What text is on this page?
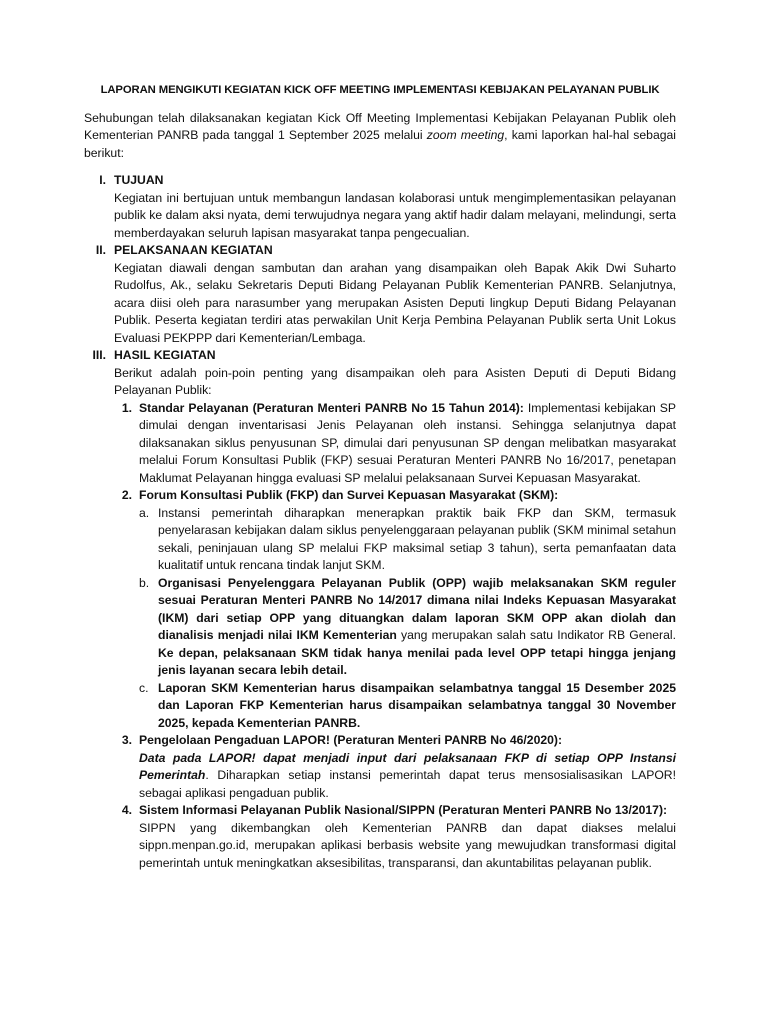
LAPORAN MENGIKUTI KEGIATAN KICK OFF MEETING IMPLEMENTASI KEBIJAKAN PELAYANAN PUBLIK

Sehubungan telah dilaksanakan kegiatan Kick Off Meeting Implementasi Kebijakan Pelayanan Publik oleh Kementerian PANRB pada tanggal 1 September 2025 melalui zoom meeting, kami laporkan hal-hal sebagai berikut:

I. TUJUAN

Kegiatan ini bertujuan untuk membangun landasan kolaborasi untuk mengimplementasikan pelayanan publik ke dalam aksi nyata, demi terwujudnya negara yang aktif hadir dalam melayani, melindungi, serta memberdayakan seluruh lapisan masyarakat tanpa pengecualian.

II. PELAKSANAAN KEGIATAN

Kegiatan diawali dengan sambutan dan arahan yang disampaikan oleh Bapak Akik Dwi Suharto Rudolfus, Ak., selaku Sekretaris Deputi Bidang Pelayanan Publik Kementerian PANRB. Selanjutnya, acara diisi oleh para narasumber yang merupakan Asisten Deputi lingkup Deputi Bidang Pelayanan Publik. Peserta kegiatan terdiri atas perwakilan Unit Kerja Pembina Pelayanan Publik serta Unit Lokus Evaluasi PEKPPP dari Kementerian/Lembaga.

III. HASIL KEGIATAN

Berikut adalah poin-poin penting yang disampaikan oleh para Asisten Deputi di Deputi Bidang Pelayanan Publik:

1. Standar Pelayanan (Peraturan Menteri PANRB No 15 Tahun 2014): Implementasi kebijakan SP dimulai dengan inventarisasi Jenis Pelayanan oleh instansi. Sehingga selanjutnya dapat dilaksanakan siklus penyusunan SP, dimulai dari penyusunan SP dengan melibatkan masyarakat melalui Forum Konsultasi Publik (FKP) sesuai Peraturan Menteri PANRB No 16/2017, penetapan Maklumat Pelayanan hingga evaluasi SP melalui pelaksanaan Survei Kepuasan Masyarakat.

2. Forum Konsultasi Publik (FKP) dan Survei Kepuasan Masyarakat (SKM):

a. Instansi pemerintah diharapkan menerapkan praktik baik FKP dan SKM, termasuk penyelarasan kebijakan dalam siklus penyelenggaraan pelayanan publik (SKM minimal setahun sekali, peninjauan ulang SP melalui FKP maksimal setiap 3 tahun), serta pemanfaatan data kualitatif untuk rencana tindak lanjut SKM.

b. Organisasi Penyelenggara Pelayanan Publik (OPP) wajib melaksanakan SKM reguler sesuai Peraturan Menteri PANRB No 14/2017 dimana nilai Indeks Kepuasan Masyarakat (IKM) dari setiap OPP yang dituangkan dalam laporan SKM OPP akan diolah dan dianalisis menjadi nilai IKM Kementerian yang merupakan salah satu Indikator RB General. Ke depan, pelaksanaan SKM tidak hanya menilai pada level OPP tetapi hingga jenjang jenis layanan secara lebih detail.

c. Laporan SKM Kementerian harus disampaikan selambatnya tanggal 15 Desember 2025 dan Laporan FKP Kementerian harus disampaikan selambatnya tanggal 30 November 2025, kepada Kementerian PANRB.

3. Pengelolaan Pengaduan LAPOR! (Peraturan Menteri PANRB No 46/2020):

Data pada LAPOR! dapat menjadi input dari pelaksanaan FKP di setiap OPP Instansi Pemerintah. Diharapkan setiap instansi pemerintah dapat terus mensosialisasikan LAPOR! sebagai aplikasi pengaduan publik.

4. Sistem Informasi Pelayanan Publik Nasional/SIPPN (Peraturan Menteri PANRB No 13/2017):

SIPPN yang dikembangkan oleh Kementerian PANRB dan dapat diakses melalui sippn.menpan.go.id, merupakan aplikasi berbasis website yang mewujudkan transformasi digital pemerintah untuk meningkatkan aksesibilitas, transparansi, dan akuntabilitas pelayanan publik.
